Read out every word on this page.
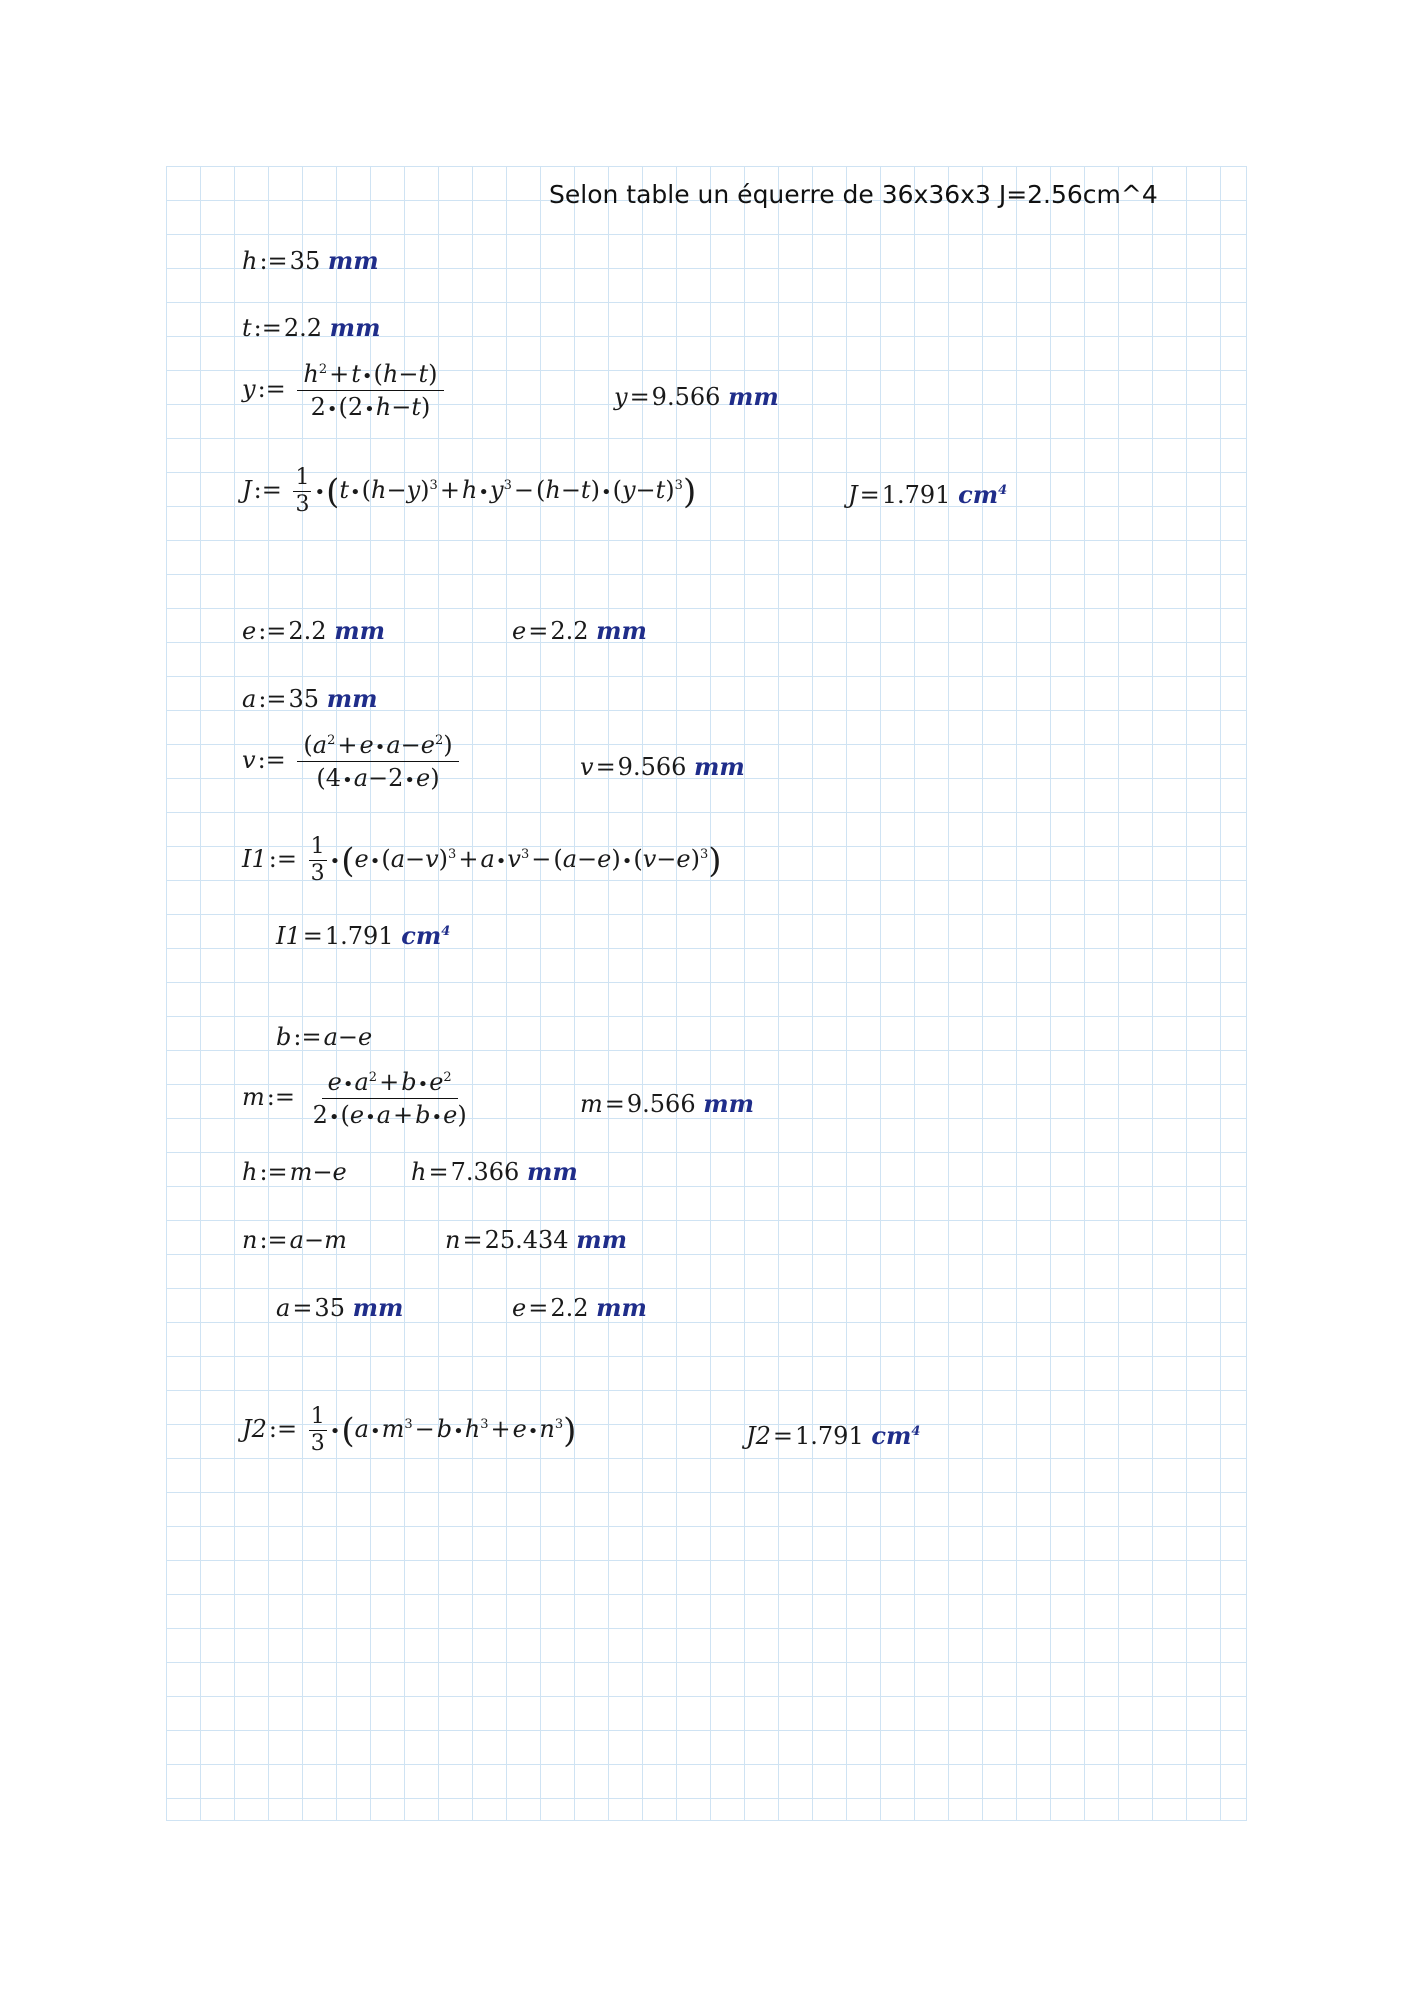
Selon table un équerre de 36x36x3 J=2.56cm^4
h:=35 mm
t:=2.2 mm
y:= $\frac{h^2+t•(h-t)}{2•(2•h-t)}$	y=9.566 mm
J:= $\frac{1}{3}$ $•(t•(h-y)^3+h•y^3-(h-t)•(y-t)^3)$	J=1.791 $cm^4$
e:=2.2 mm	e=2.2 mm
a:=35 mm
v:= $\frac{(a^2+e•a-e^2)}{(4•a-2•e)}$	v=9.566 mm
I1:= $\frac{1}{3}$ $•(e•(a-v)^3+a•v^3-(a-e)•(v-e)^3)$
I1=1.791 $cm^4$
b:=a−e
m:= $\frac{e•a^2+b•e^2}{2•(e•a+b•e)}$	m=9.566 mm
h:=m−e	h=7.366 mm
n:=a−m	n=25.434 mm
a=35 mm	e=2.2 mm
J2:= $\frac{1}{3}$ $•(a•m^3-b•h^3+e•n^3)$	J2=1.791 $cm^4$
